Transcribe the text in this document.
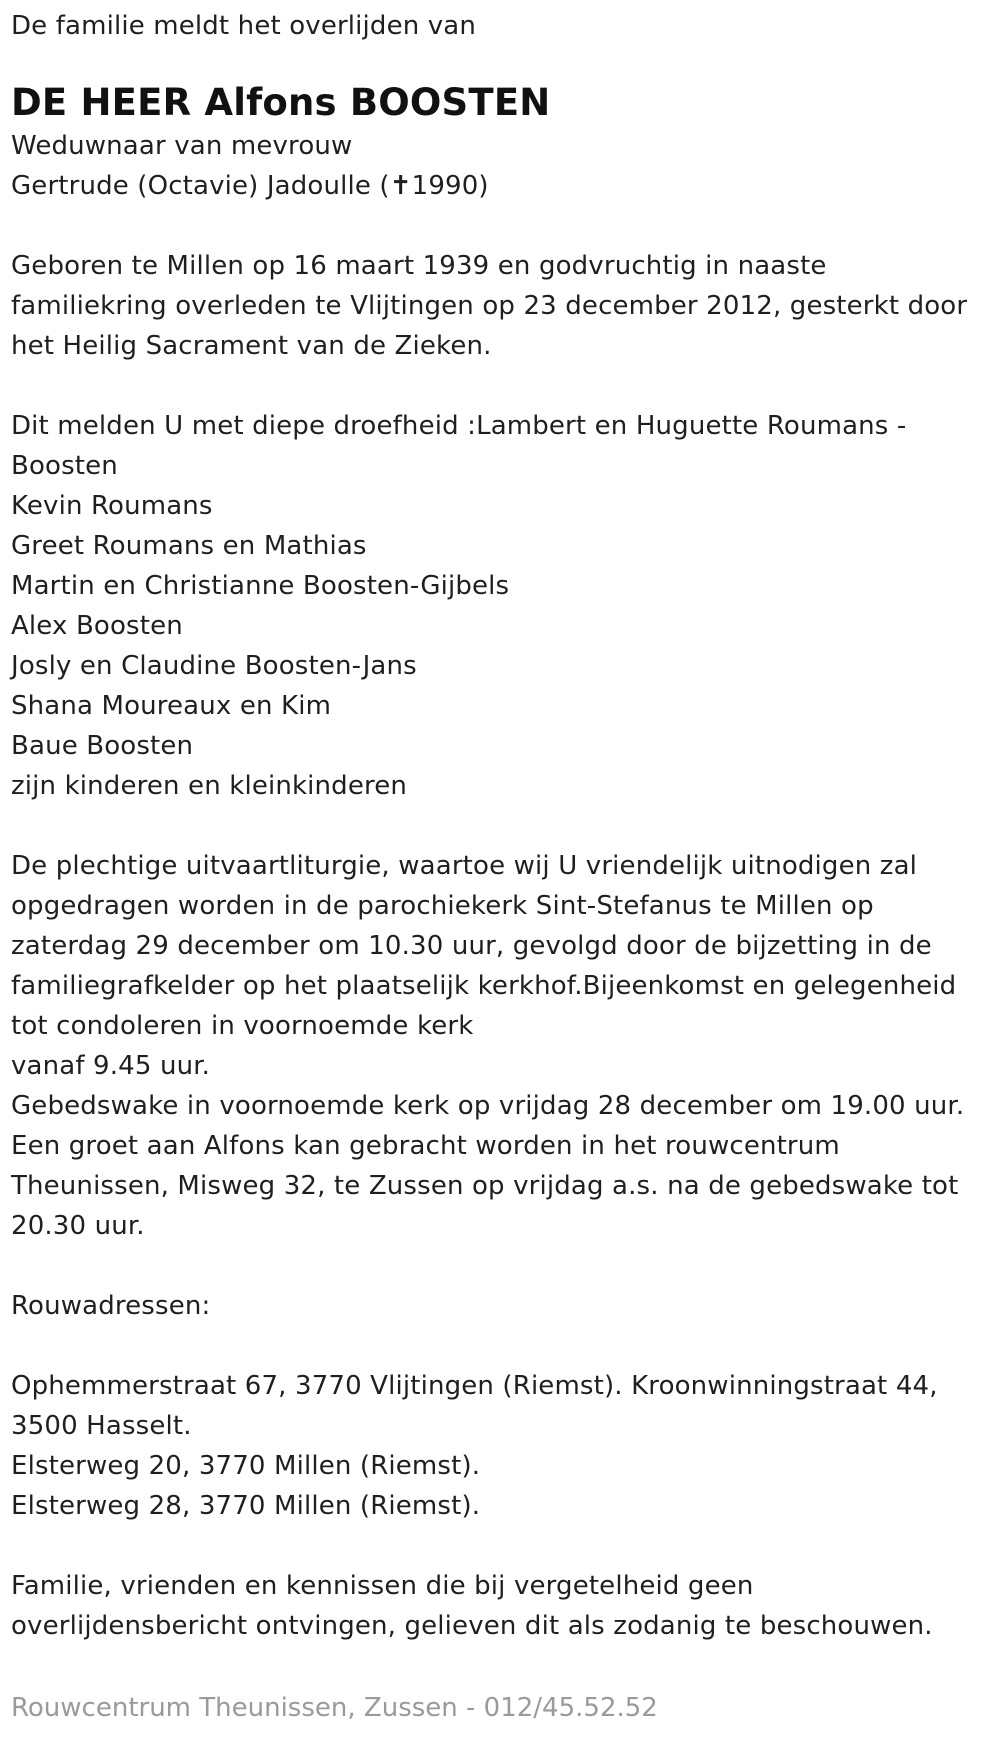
De familie meldt het overlijden van
DE HEER Alfons BOOSTEN
Weduwnaar van mevrouw
Gertrude (Octavie) Jadoulle (✝1990)
Geboren te Millen op 16 maart 1939 en godvruchtig in naaste
familiekring overleden te Vlijtingen op 23 december 2012, gesterkt door
het Heilig Sacrament van de Zieken.
Dit melden U met diepe droefheid :Lambert en Huguette Roumans -
Boosten
Kevin Roumans
Greet Roumans en Mathias
Martin en Christianne Boosten-Gijbels
Alex Boosten
Josly en Claudine Boosten-Jans
Shana Moureaux en Kim
Baue Boosten
zijn kinderen en kleinkinderen
De plechtige uitvaartliturgie, waartoe wij U vriendelijk uitnodigen zal
opgedragen worden in de parochiekerk Sint-Stefanus te Millen op
zaterdag 29 december om 10.30 uur, gevolgd door de bijzetting in de
familiegrafkelder op het plaatselijk kerkhof.Bijeenkomst en gelegenheid
tot condoleren in voornoemde kerk
vanaf 9.45 uur.
Gebedswake in voornoemde kerk op vrijdag 28 december om 19.00 uur.
Een groet aan Alfons kan gebracht worden in het rouwcentrum
Theunissen, Misweg 32, te Zussen op vrijdag a.s. na de gebedswake tot
20.30 uur.
Rouwadressen:
Ophemmerstraat 67, 3770 Vlijtingen (Riemst). Kroonwinningstraat 44,
3500 Hasselt.
Elsterweg 20, 3770 Millen (Riemst).
Elsterweg 28, 3770 Millen (Riemst).
Familie, vrienden en kennissen die bij vergetelheid geen
overlijdensbericht ontvingen, gelieven dit als zodanig te beschouwen.
Rouwcentrum Theunissen, Zussen - 012/45.52.52
